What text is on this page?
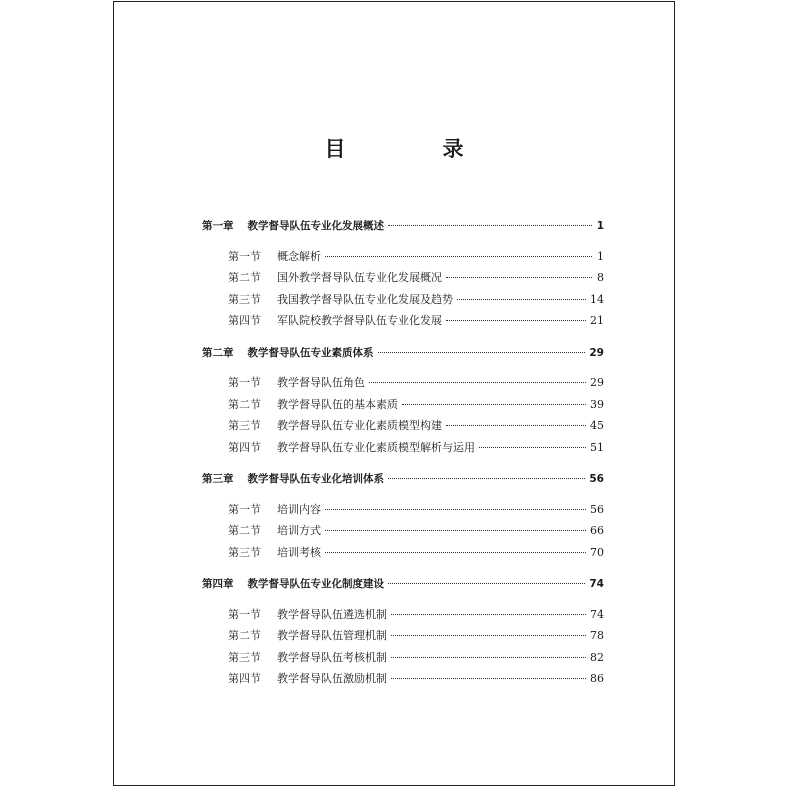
目　录
第一章 教学督导队伍专业化发展概述	1
第一节 概念解析	1
第二节 国外教学督导队伍专业化发展概况	8
第三节 我国教学督导队伍专业化发展及趋势	14
第四节 军队院校教学督导队伍专业化发展	21
第二章 教学督导队伍专业素质体系	29
第一节 教学督导队伍角色	29
第二节 教学督导队伍的基本素质	39
第三节 教学督导队伍专业化素质模型构建	45
第四节 教学督导队伍专业化素质模型解析与运用	51
第三章 教学督导队伍专业化培训体系	56
第一节 培训内容	56
第二节 培训方式	66
第三节 培训考核	70
第四章 教学督导队伍专业化制度建设	74
第一节 教学督导队伍遴选机制	74
第二节 教学督导队伍管理机制	78
第三节 教学督导队伍考核机制	82
第四节 教学督导队伍激励机制	86
